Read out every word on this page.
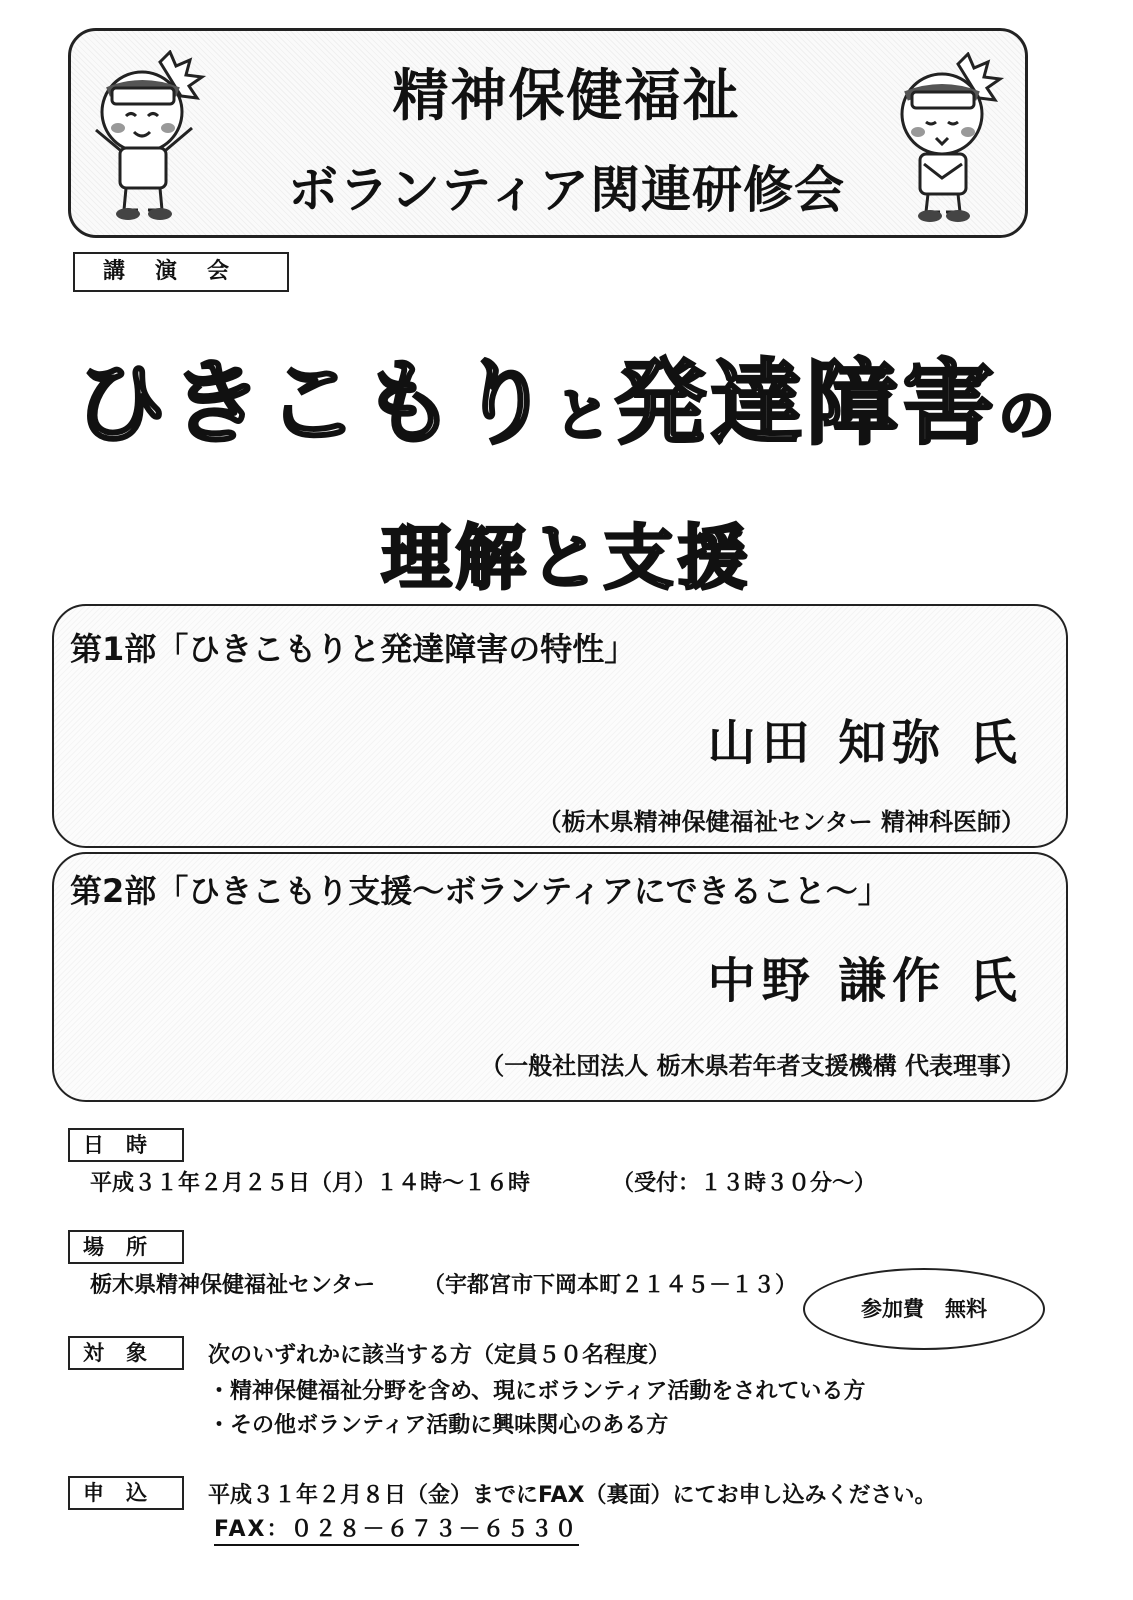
精神保健福祉
ボランティア関連研修会
講演会
ひきこもりと発達障害の
理解と支援
第1部「ひきこもりと発達障害の特性」
山田 知弥 氏
（栃木県精神保健福祉センター 精神科医師）
第2部「ひきこもり支援～ボランティアにできること～」
中野 謙作 氏
（一般社団法人 栃木県若年者支援機構 代表理事）
日時
平成３１年２月２５日（月）１４時～１６時	（受付：１３時３０分～）
場所
栃木県精神保健福祉センター （宇都宮市下岡本町２１４５－１３）
参加費　無料
対象	次のいずれかに該当する方（定員５０名程度）
・精神保健福祉分野を含め、現にボランティア活動をされている方
・その他ボランティア活動に興味関心のある方
申込	平成３１年２月８日（金）までにFAX（裏面）にてお申し込みください。
FAX：０２８－６７３－６５３０
